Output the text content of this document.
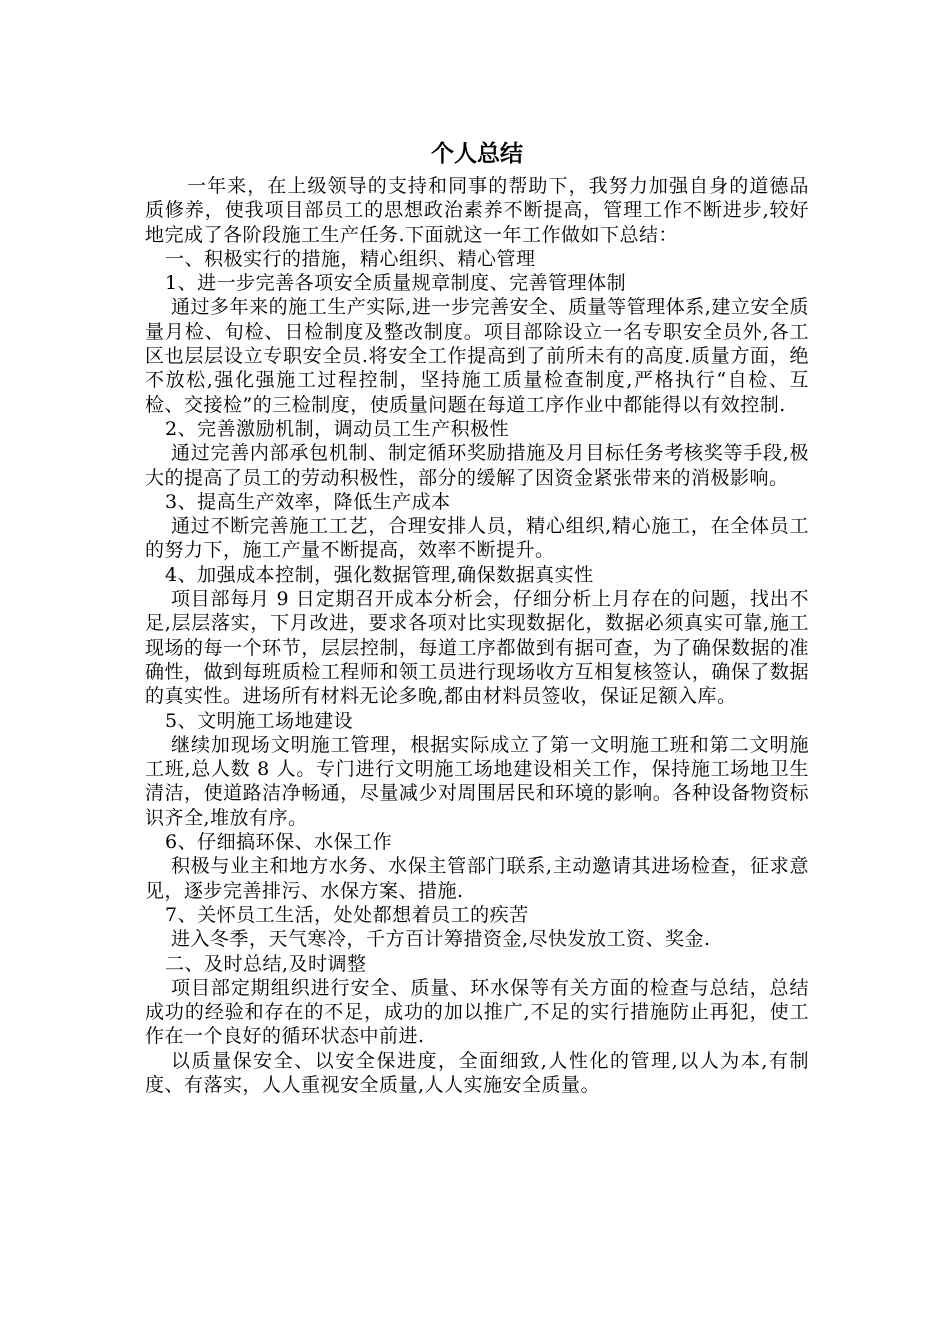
个人总结

一年来，在上级领导的支持和同事的帮助下，我努力加强自身的道德品质修养，使我项目部员工的思想政治素养不断提高，管理工作不断进步,较好地完成了各阶段施工生产任务.下面就这一年工作做如下总结：

一、积极实行的措施，精心组织、精心管理

1、进一步完善各项安全质量规章制度、完善管理体制

通过多年来的施工生产实际,进一步完善安全、质量等管理体系,建立安全质量月检、旬检、日检制度及整改制度。项目部除设立一名专职安全员外,各工区也层层设立专职安全员.将安全工作提高到了前所未有的高度.质量方面，绝不放松,强化强施工过程控制，坚持施工质量检查制度,严格执行“自检、互检、交接检”的三检制度，使质量问题在每道工序作业中都能得以有效控制.

2、完善激励机制，调动员工生产积极性

通过完善内部承包机制、制定循环奖励措施及月目标任务考核奖等手段,极大的提高了员工的劳动积极性，部分的缓解了因资金紧张带来的消极影响。

3、提高生产效率，降低生产成本

通过不断完善施工工艺，合理安排人员，精心组织,精心施工，在全体员工的努力下，施工产量不断提高，效率不断提升。

4、加强成本控制，强化数据管理,确保数据真实性

项目部每月 9 日定期召开成本分析会，仔细分析上月存在的问题，找出不足,层层落实，下月改进，要求各项对比实现数据化，数据必须真实可靠,施工现场的每一个环节，层层控制，每道工序都做到有据可查，为了确保数据的准确性，做到每班质检工程师和领工员进行现场收方互相复核签认，确保了数据的真实性。进场所有材料无论多晚,都由材料员签收，保证足额入库。

5、文明施工场地建设

继续加现场文明施工管理，根据实际成立了第一文明施工班和第二文明施工班,总人数 8 人。专门进行文明施工场地建设相关工作，保持施工场地卫生清洁，使道路洁净畅通，尽量减少对周围居民和环境的影响。各种设备物资标识齐全,堆放有序。

6、仔细搞环保、水保工作

积极与业主和地方水务、水保主管部门联系,主动邀请其进场检查，征求意见，逐步完善排污、水保方案、措施.

7、关怀员工生活，处处都想着员工的疾苦

进入冬季，天气寒冷，千方百计筹措资金,尽快发放工资、奖金.

二、及时总结,及时调整

项目部定期组织进行安全、质量、环水保等有关方面的检查与总结，总结成功的经验和存在的不足，成功的加以推广,不足的实行措施防止再犯，使工作在一个良好的循环状态中前进.

以质量保安全、以安全保进度，全面细致,人性化的管理,以人为本,有制度、有落实，人人重视安全质量,人人实施安全质量。
